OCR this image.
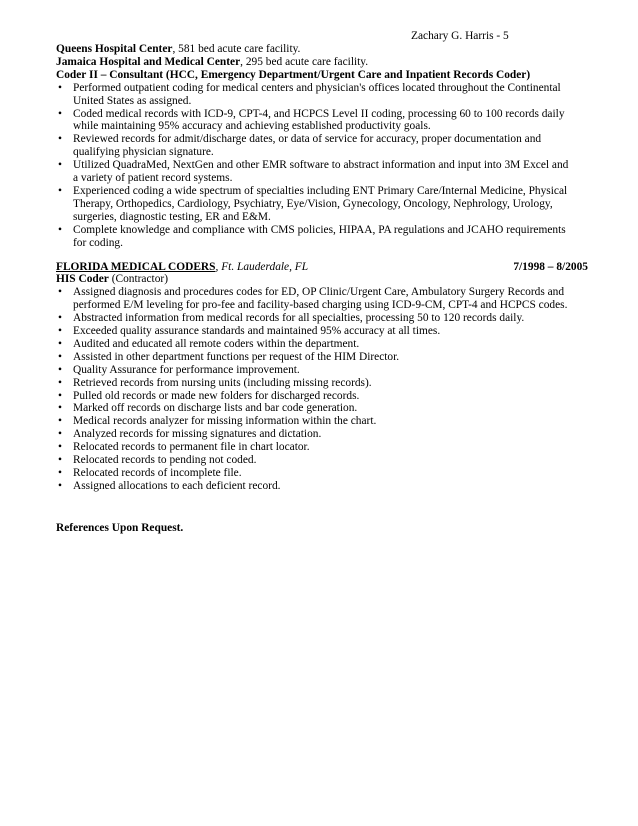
Zachary G. Harris - 5
Queens Hospital Center, 581 bed acute care facility.
Jamaica Hospital and Medical Center, 295 bed acute care facility.
Coder II – Consultant (HCC, Emergency Department/Urgent Care and Inpatient Records Coder)
• Performed outpatient coding for medical centers and physician's offices located throughout the Continental
United States as assigned.
• Coded medical records with ICD-9, CPT-4, and HCPCS Level II coding, processing 60 to 100 records daily
while maintaining 95% accuracy and achieving established productivity goals.
• Reviewed records for admit/discharge dates, or data of service for accuracy, proper documentation and
qualifying physician signature.
• Utilized QuadraMed, NextGen and other EMR software to abstract information and input into 3M Excel and
a variety of patient record systems.
• Experienced coding a wide spectrum of specialties including ENT Primary Care/Internal Medicine, Physical
Therapy, Orthopedics, Cardiology, Psychiatry, Eye/Vision, Gynecology, Oncology, Nephrology, Urology,
surgeries, diagnostic testing, ER and E&M.
• Complete knowledge and compliance with CMS policies, HIPAA, PA regulations and JCAHO requirements
for coding.
FLORIDA MEDICAL CODERS, Ft. Lauderdale, FL	7/1998 – 8/2005
HIS Coder (Contractor)
• Assigned diagnosis and procedures codes for ED, OP Clinic/Urgent Care, Ambulatory Surgery Records and
performed E/M leveling for pro-fee and facility-based charging using ICD-9-CM, CPT-4 and HCPCS codes.
• Abstracted information from medical records for all specialties, processing 50 to 120 records daily.
• Exceeded quality assurance standards and maintained 95% accuracy at all times.
• Audited and educated all remote coders within the department.
• Assisted in other department functions per request of the HIM Director.
• Quality Assurance for performance improvement.
• Retrieved records from nursing units (including missing records).
• Pulled old records or made new folders for discharged records.
• Marked off records on discharge lists and bar code generation.
• Medical records analyzer for missing information within the chart.
• Analyzed records for missing signatures and dictation.
• Relocated records to permanent file in chart locator.
• Relocated records to pending not coded.
• Relocated records of incomplete file.
• Assigned allocations to each deficient record.
References Upon Request.
